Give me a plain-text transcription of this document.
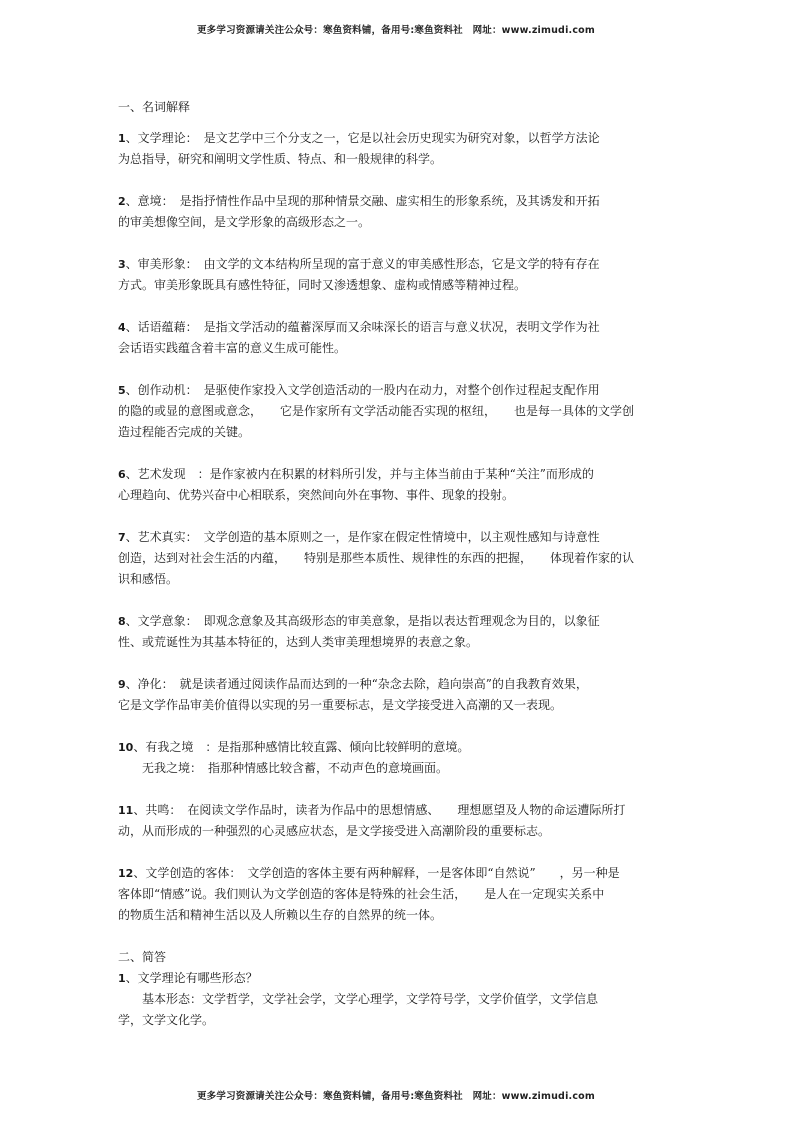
更多学习资源请关注公众号：寒鱼资料铺，备用号:寒鱼资料社　网址：www.zimudi.com
一、名词解释
1、文学理论：　是文艺学中三个分支之一，它是以社会历史现实为研究对象，以哲学方法论
为总指导，研究和阐明文学性质、特点、和一般规律的科学。
2、意境：　是指抒情性作品中呈现的那种情景交融、虚实相生的形象系统，及其诱发和开拓
的审美想像空间，是文学形象的高级形态之一。
3、审美形象：　由文学的文本结构所呈现的富于意义的审美感性形态，它是文学的特有存在
方式。审美形象既具有感性特征，同时又渗透想象、虚构或情感等精神过程。
4、话语蕴藉：　是指文学活动的蕴蓄深厚而又余味深长的语言与意义状况，表明文学作为社
会话语实践蕴含着丰富的意义生成可能性。
5、创作动机：　是驱使作家投入文学创造活动的一股内在动力，对整个创作过程起支配作用
的隐的或显的意图或意念，　　它是作家所有文学活动能否实现的枢纽，　　也是每一具体的文学创
造过程能否完成的关键。
6、艺术发现　：是作家被内在积累的材料所引发，并与主体当前由于某种“关注”而形成的
心理趋向、优势兴奋中心相联系，突然间向外在事物、事件、现象的投射。
7、艺术真实：　文学创造的基本原则之一，是作家在假定性情境中，以主观性感知与诗意性
创造，达到对社会生活的内蕴，　　特别是那些本质性、规律性的东西的把握，　　体现着作家的认
识和感悟。
8、文学意象：　即观念意象及其高级形态的审美意象，是指以表达哲理观念为目的，以象征
性、或荒诞性为其基本特征的，达到人类审美理想境界的表意之象。
9、净化：　就是读者通过阅读作品而达到的一种“杂念去除，趋向崇高”的自我教育效果，
它是文学作品审美价值得以实现的另一重要标志，是文学接受进入高潮的又一表现。
10、有我之境　：是指那种感情比较直露、倾向比较鲜明的意境。
　　无我之境：　指那种情感比较含蓄，不动声色的意境画面。
11、共鸣：　在阅读文学作品时，读者为作品中的思想情感、　　理想愿望及人物的命运遭际所打
动，从而形成的一种强烈的心灵感应状态，是文学接受进入高潮阶段的重要标志。
12、文学创造的客体：　文学创造的客体主要有两种解释，一是客体即“自然说”　　，另一种是
客体即“情感”说。我们则认为文学创造的客体是特殊的社会生活，　　是人在一定现实关系中
的物质生活和精神生活以及人所赖以生存的自然界的统一体。
二、简答
1、文学理论有哪些形态？
　　基本形态：文学哲学，文学社会学，文学心理学，文学符号学，文学价值学，文学信息
学，文学文化学。
更多学习资源请关注公众号：寒鱼资料铺，备用号:寒鱼资料社　网址：www.zimudi.com
